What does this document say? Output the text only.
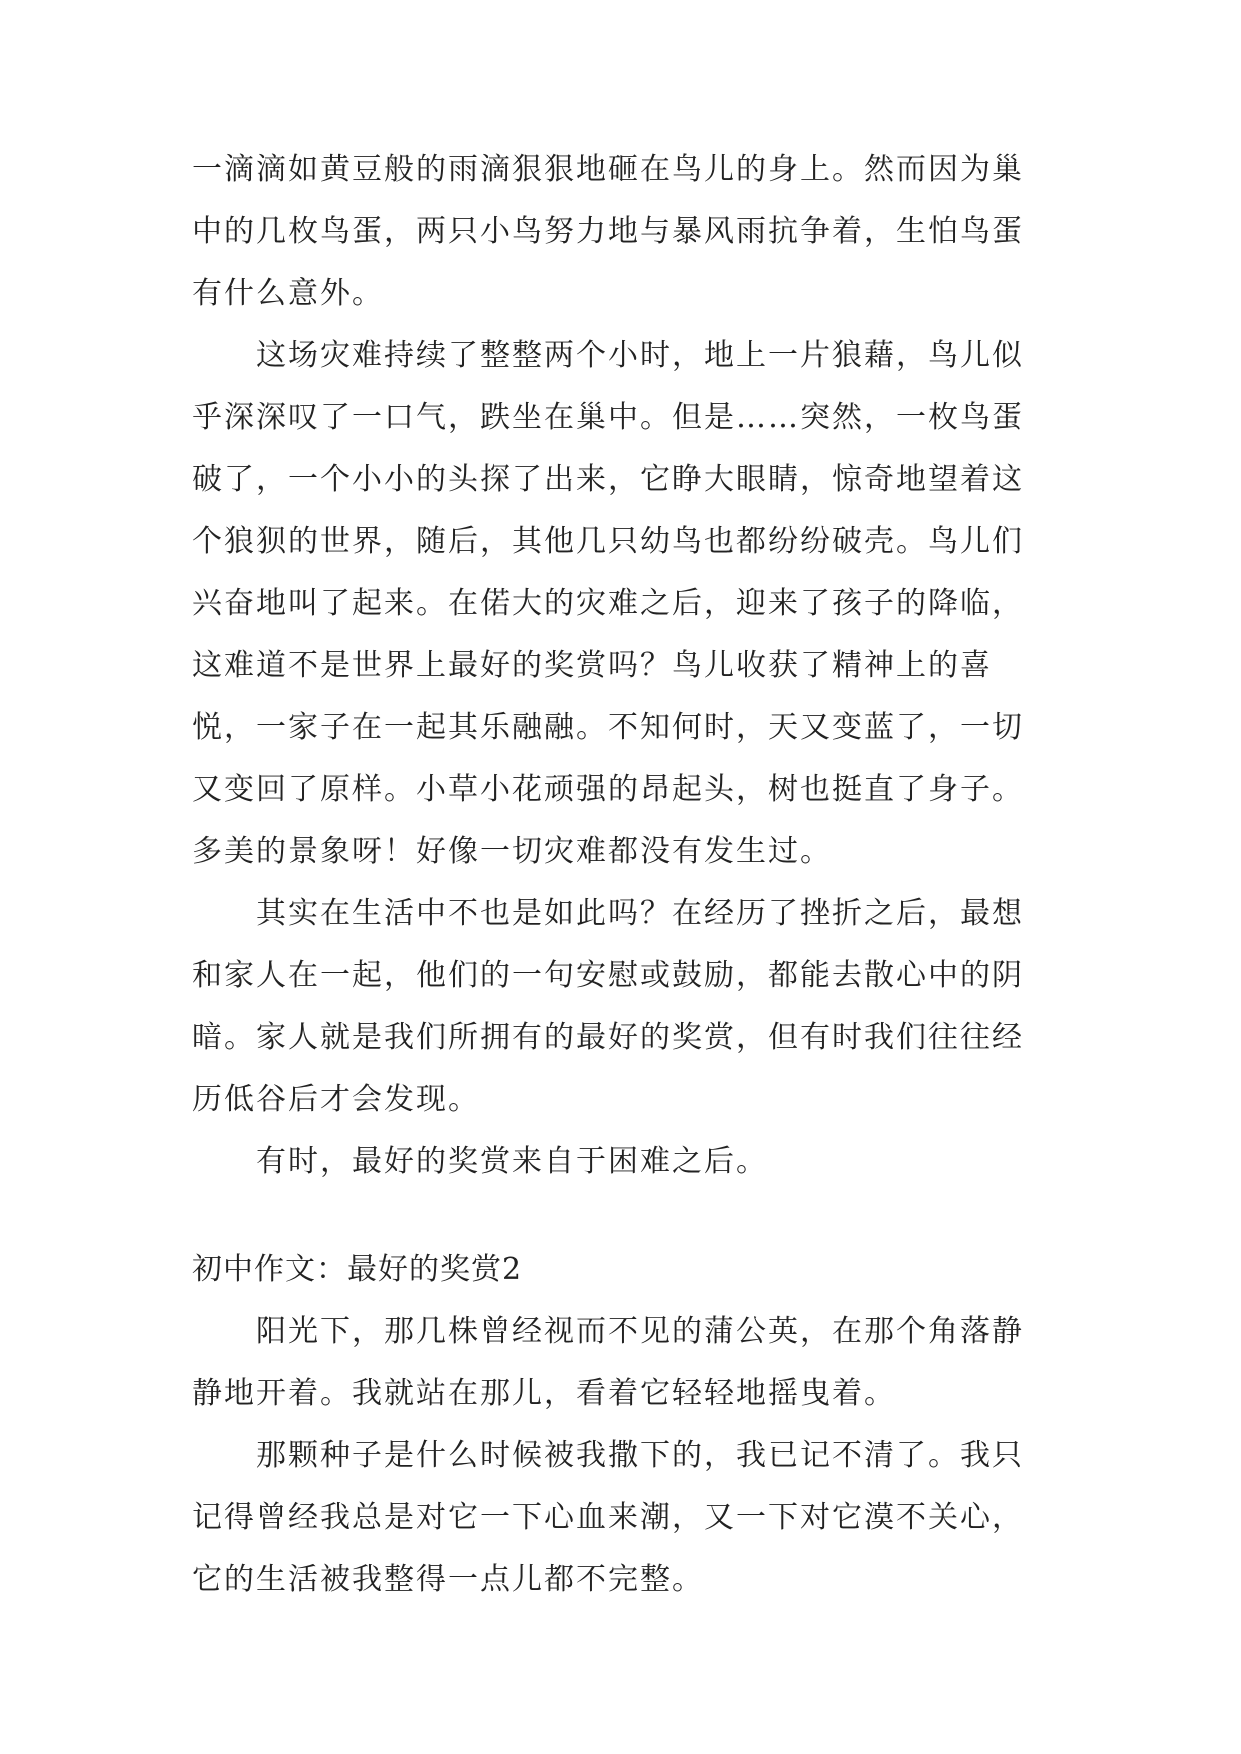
一滴滴如黄豆般的雨滴狠狠地砸在鸟儿的身上。然而因为巢
中的几枚鸟蛋，两只小鸟努力地与暴风雨抗争着，生怕鸟蛋
有什么意外。
这场灾难持续了整整两个小时，地上一片狼藉，鸟儿似
乎深深叹了一口气，跌坐在巢中。但是……突然，一枚鸟蛋
破了，一个小小的头探了出来，它睁大眼睛，惊奇地望着这
个狼狈的世界，随后，其他几只幼鸟也都纷纷破壳。鸟儿们
兴奋地叫了起来。在偌大的灾难之后，迎来了孩子的降临，
这难道不是世界上最好的奖赏吗？鸟儿收获了精神上的喜
悦，一家子在一起其乐融融。不知何时，天又变蓝了，一切
又变回了原样。小草小花顽强的昂起头，树也挺直了身子。
多美的景象呀！好像一切灾难都没有发生过。
其实在生活中不也是如此吗？在经历了挫折之后，最想
和家人在一起，他们的一句安慰或鼓励，都能去散心中的阴
暗。家人就是我们所拥有的最好的奖赏，但有时我们往往经
历低谷后才会发现。
有时，最好的奖赏来自于困难之后。
初中作文：最好的奖赏2
阳光下，那几株曾经视而不见的蒲公英，在那个角落静
静地开着。我就站在那儿，看着它轻轻地摇曳着。
那颗种子是什么时候被我撒下的，我已记不清了。我只
记得曾经我总是对它一下心血来潮，又一下对它漠不关心，
它的生活被我整得一点儿都不完整。
